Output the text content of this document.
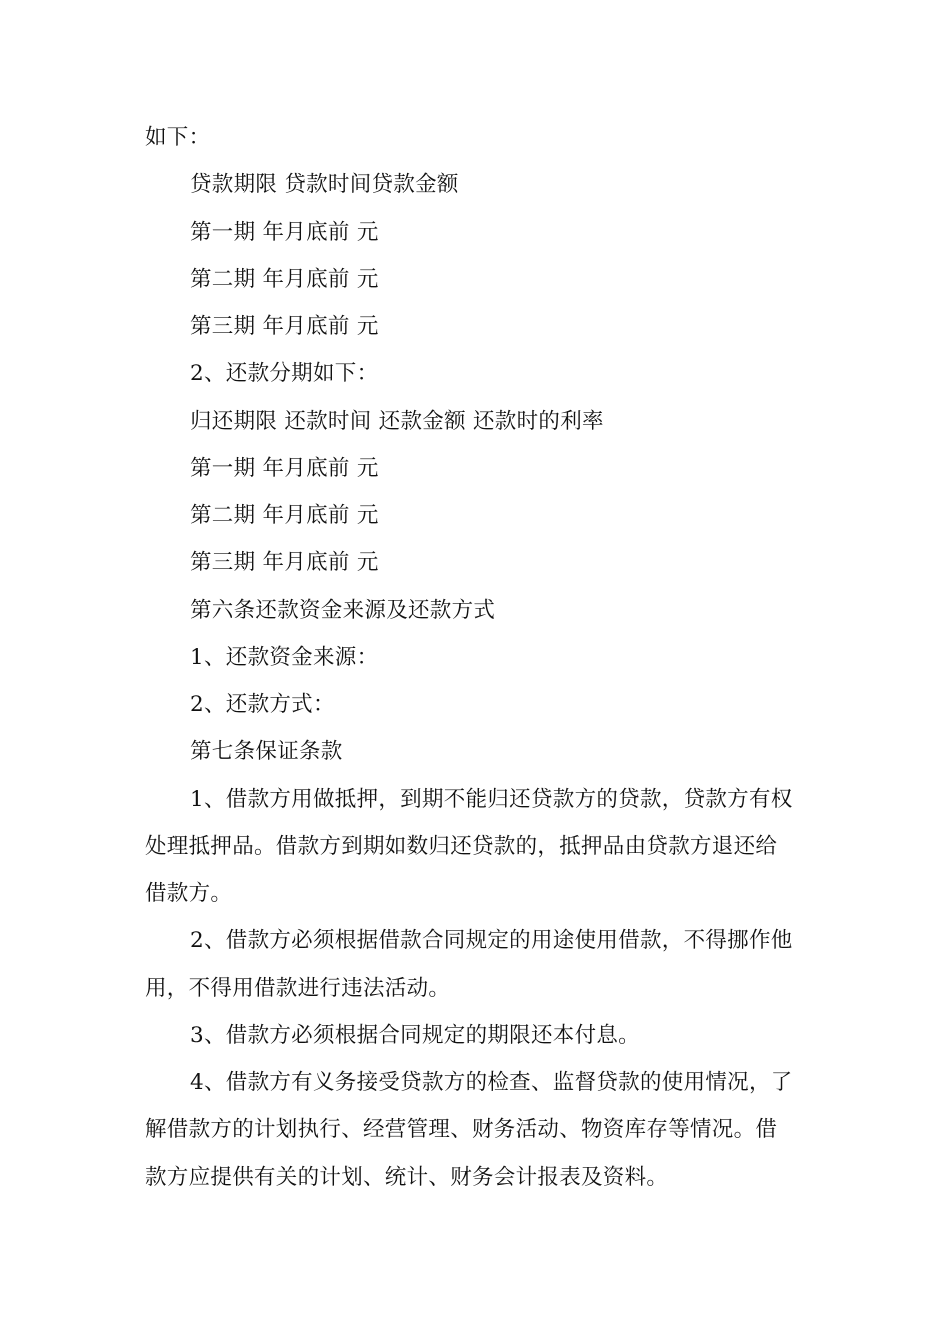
如下：
贷款期限 贷款时间贷款金额
第一期 年月底前 元
第二期 年月底前 元
第三期 年月底前 元
2、还款分期如下：
归还期限 还款时间 还款金额 还款时的利率
第一期 年月底前 元
第二期 年月底前 元
第三期 年月底前 元
第六条还款资金来源及还款方式
1、还款资金来源：
2、还款方式：
第七条保证条款
1、借款方用做抵押，到期不能归还贷款方的贷款，贷款方有权
处理抵押品。借款方到期如数归还贷款的，抵押品由贷款方退还给
借款方。
2、借款方必须根据借款合同规定的用途使用借款，不得挪作他
用，不得用借款进行违法活动。
3、借款方必须根据合同规定的期限还本付息。
4、借款方有义务接受贷款方的检查、监督贷款的使用情况，了
解借款方的计划执行、经营管理、财务活动、物资库存等情况。借
款方应提供有关的计划、统计、财务会计报表及资料。
